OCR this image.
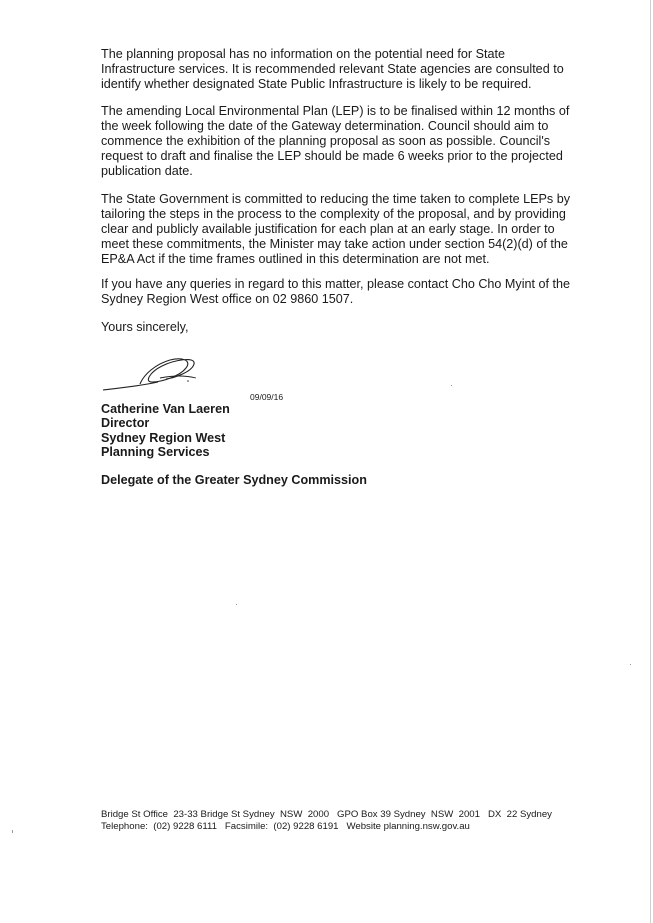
The planning proposal has no information on the potential need for State Infrastructure services. It is recommended relevant State agencies are consulted to identify whether designated State Public Infrastructure is likely to be required.

The amending Local Environmental Plan (LEP) is to be finalised within 12 months of the week following the date of the Gateway determination. Council should aim to commence the exhibition of the planning proposal as soon as possible. Council's request to draft and finalise the LEP should be made 6 weeks prior to the projected publication date.

The State Government is committed to reducing the time taken to complete LEPs by tailoring the steps in the process to the complexity of the proposal, and by providing clear and publicly available justification for each plan at an early stage. In order to meet these commitments, the Minister may take action under section 54(2)(d) of the EP&A Act if the time frames outlined in this determination are not met.

If you have any queries in regard to this matter, please contact Cho Cho Myint of the Sydney Region West office on 02 9860 1507.

Yours sincerely,

09/09/16
Catherine Van Laeren
Director
Sydney Region West
Planning Services
Delegate of the Greater Sydney Commission
Bridge St Office  23-33 Bridge St Sydney  NSW  2000   GPO Box 39 Sydney  NSW  2001   DX  22 Sydney
Telephone:  (02) 9228 6111   Facsimile:  (02) 9228 6191   Website planning.nsw.gov.au
